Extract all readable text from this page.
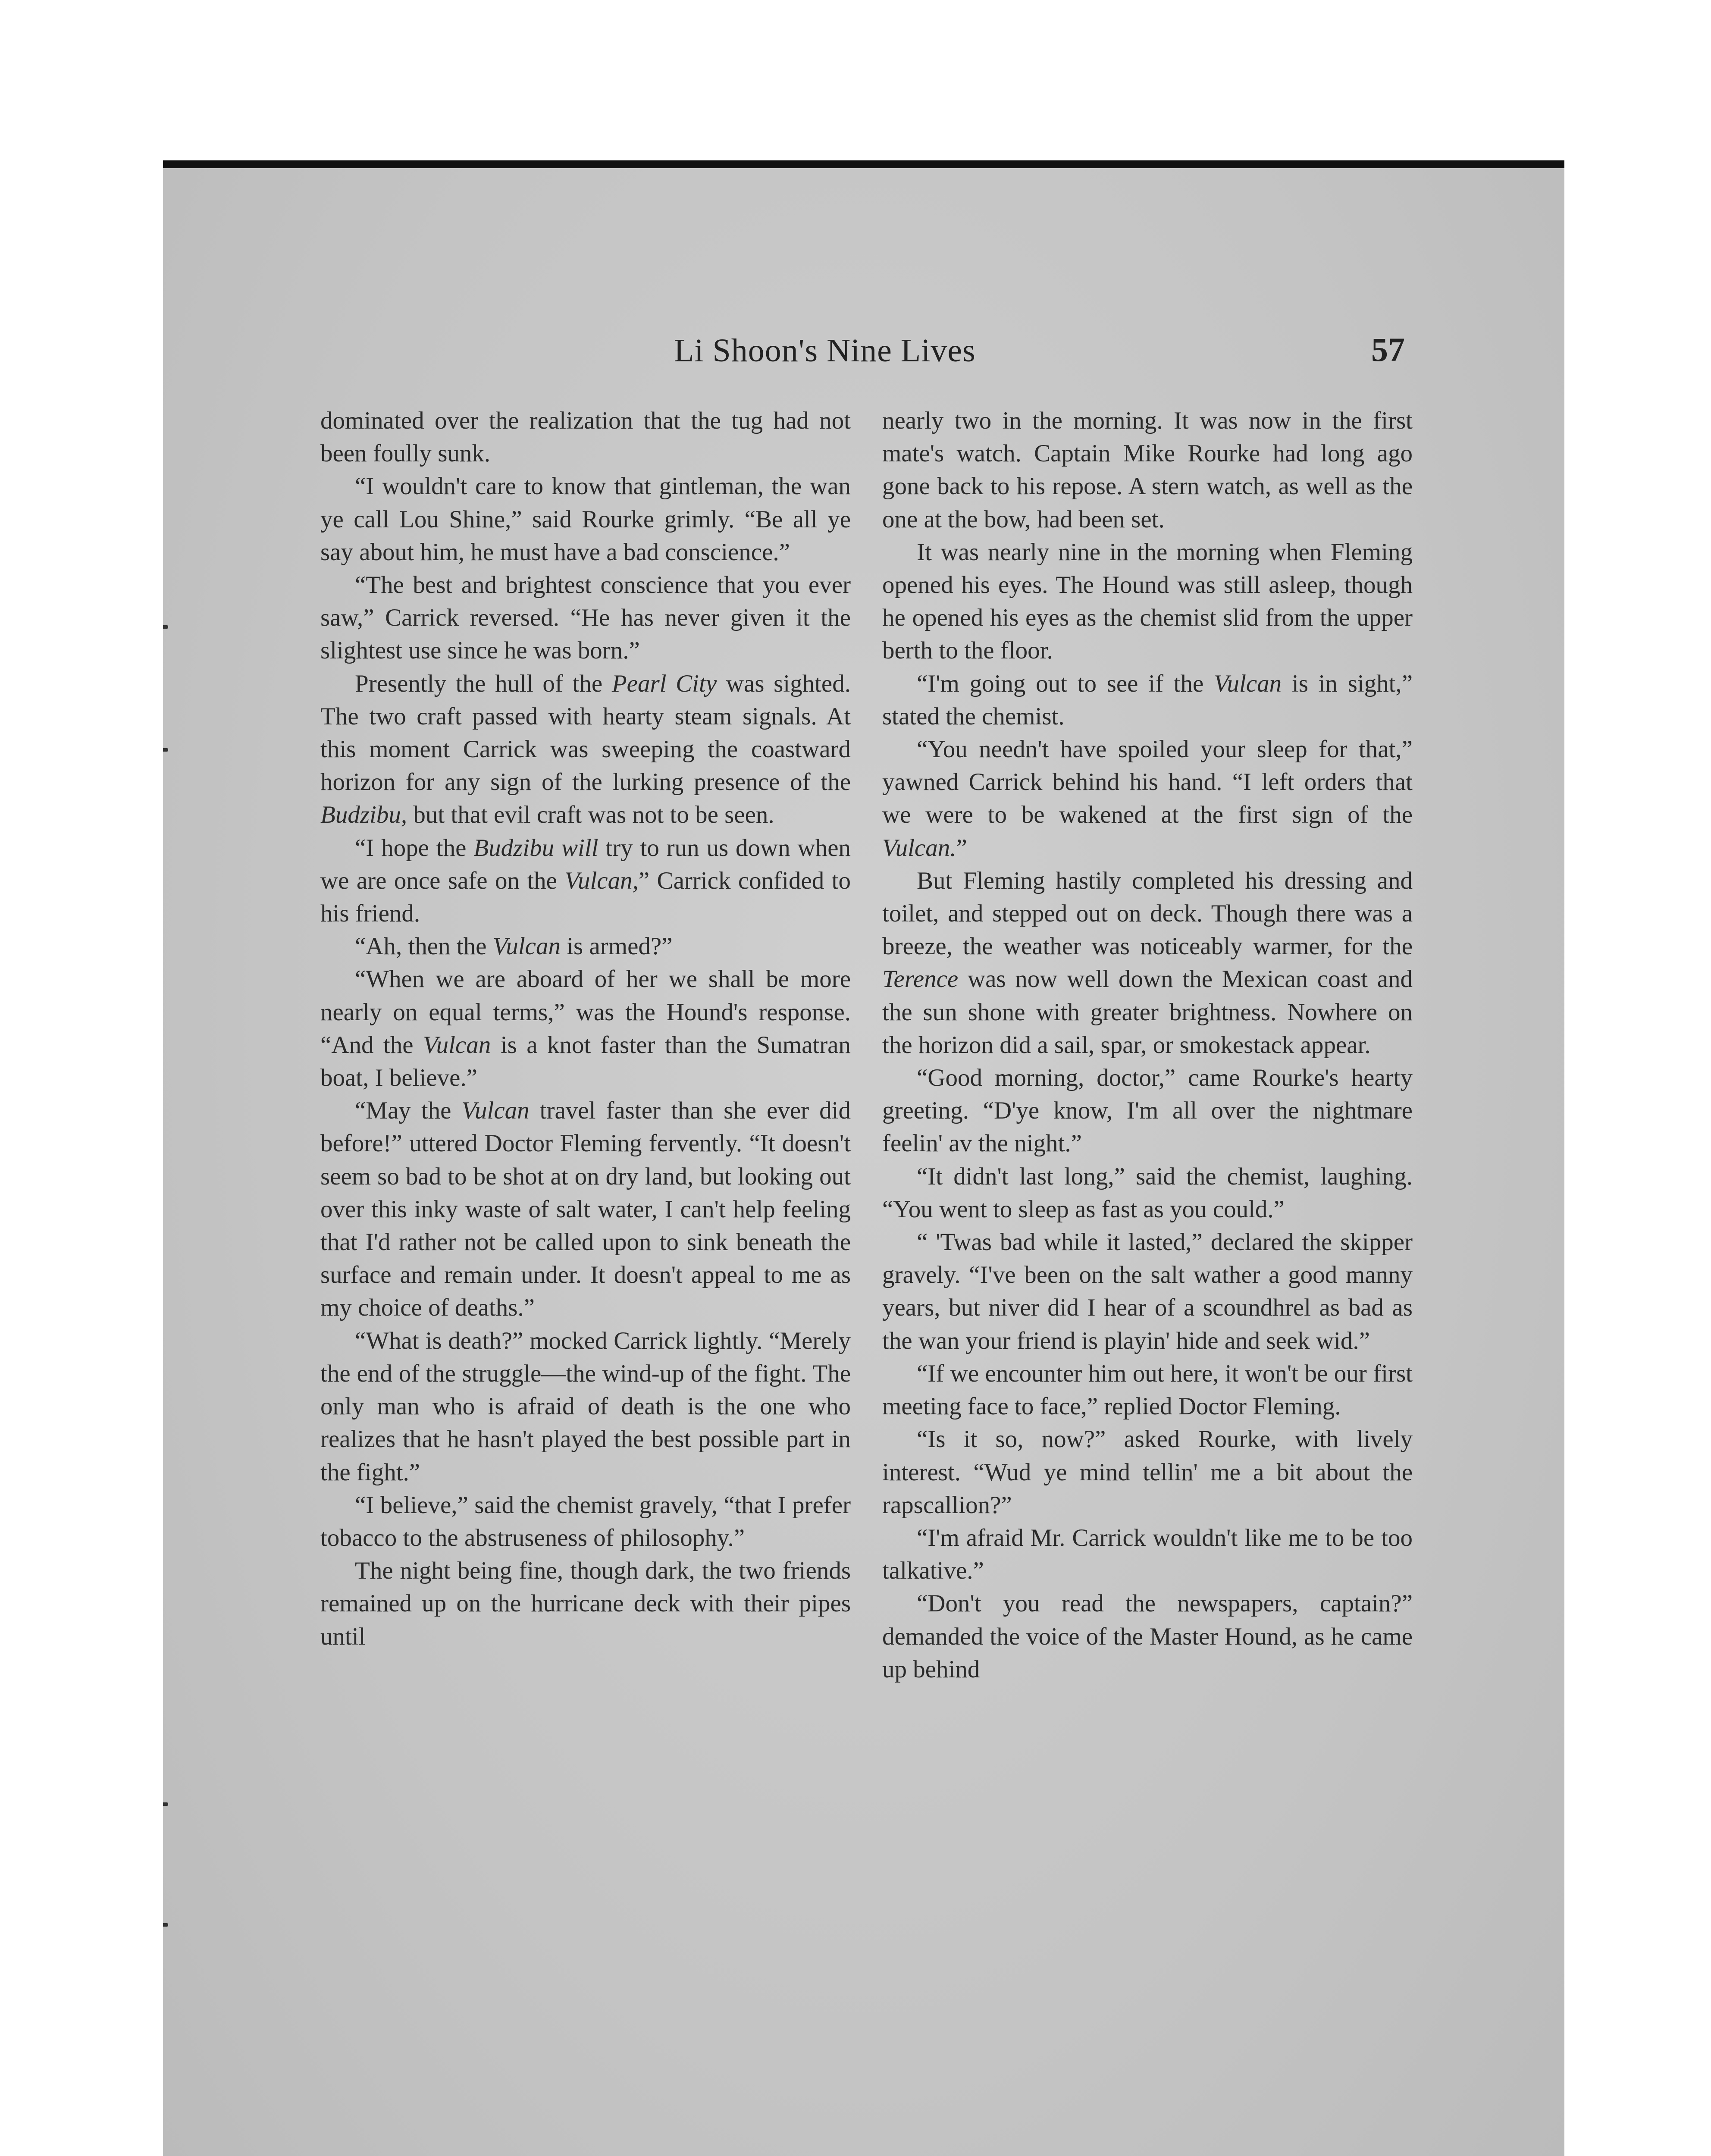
Li Shoon's Nine Lives	57

dominated over the realization that the tug had not been foully sunk.

“I wouldn't care to know that gintleman, the wan ye call Lou Shine,” said Rourke grimly. “Be all ye say about him, he must have a bad conscience.”

“The best and brightest conscience that you ever saw,” Carrick reversed. “He has never given it the slightest use since he was born.”

Presently the hull of the Pearl City was sighted. The two craft passed with hearty steam signals. At this moment Carrick was sweeping the coastward horizon for any sign of the lurking presence of the Budzibu, but that evil craft was not to be seen.

“I hope the Budzibu will try to run us down when we are once safe on the Vulcan,” Carrick confided to his friend.

“Ah, then the Vulcan is armed?”

“When we are aboard of her we shall be more nearly on equal terms,” was the Hound's response. “And the Vulcan is a knot faster than the Sumatran boat, I believe.”

“May the Vulcan travel faster than she ever did before!” uttered Doctor Fleming fervently. “It doesn't seem so bad to be shot at on dry land, but looking out over this inky waste of salt water, I can't help feeling that I'd rather not be called upon to sink beneath the surface and remain under. It doesn't appeal to me as my choice of deaths.”

“What is death?” mocked Carrick lightly. “Merely the end of the struggle—the wind-up of the fight. The only man who is afraid of death is the one who realizes that he hasn't played the best possible part in the fight.”

“I believe,” said the chemist gravely, “that I prefer tobacco to the abstruseness of philosophy.”

The night being fine, though dark, the two friends remained up on the hurricane deck with their pipes until

nearly two in the morning. It was now in the first mate's watch. Captain Mike Rourke had long ago gone back to his repose. A stern watch, as well as the one at the bow, had been set.

It was nearly nine in the morning when Fleming opened his eyes. The Hound was still asleep, though he opened his eyes as the chemist slid from the upper berth to the floor.

“I'm going out to see if the Vulcan is in sight,” stated the chemist.

“You needn't have spoiled your sleep for that,” yawned Carrick behind his hand. “I left orders that we were to be wakened at the first sign of the Vulcan.”

But Fleming hastily completed his dressing and toilet, and stepped out on deck. Though there was a breeze, the weather was noticeably warmer, for the Terence was now well down the Mexican coast and the sun shone with greater brightness. Nowhere on the horizon did a sail, spar, or smokestack appear.

“Good morning, doctor,” came Rourke's hearty greeting. “D'ye know, I'm all over the nightmare feelin' av the night.”

“It didn't last long,” said the chemist, laughing. “You went to sleep as fast as you could.”

“ 'Twas bad while it lasted,” declared the skipper gravely. “I've been on the salt wather a good manny years, but niver did I hear of a scoundhrel as bad as the wan your friend is playin' hide and seek wid.”

“If we encounter him out here, it won't be our first meeting face to face,” replied Doctor Fleming.

“Is it so, now?” asked Rourke, with lively interest. “Wud ye mind tellin' me a bit about the rapscallion?”

“I'm afraid Mr. Carrick wouldn't like me to be too talkative.”

“Don't you read the newspapers, captain?” demanded the voice of the Master Hound, as he came up behind
